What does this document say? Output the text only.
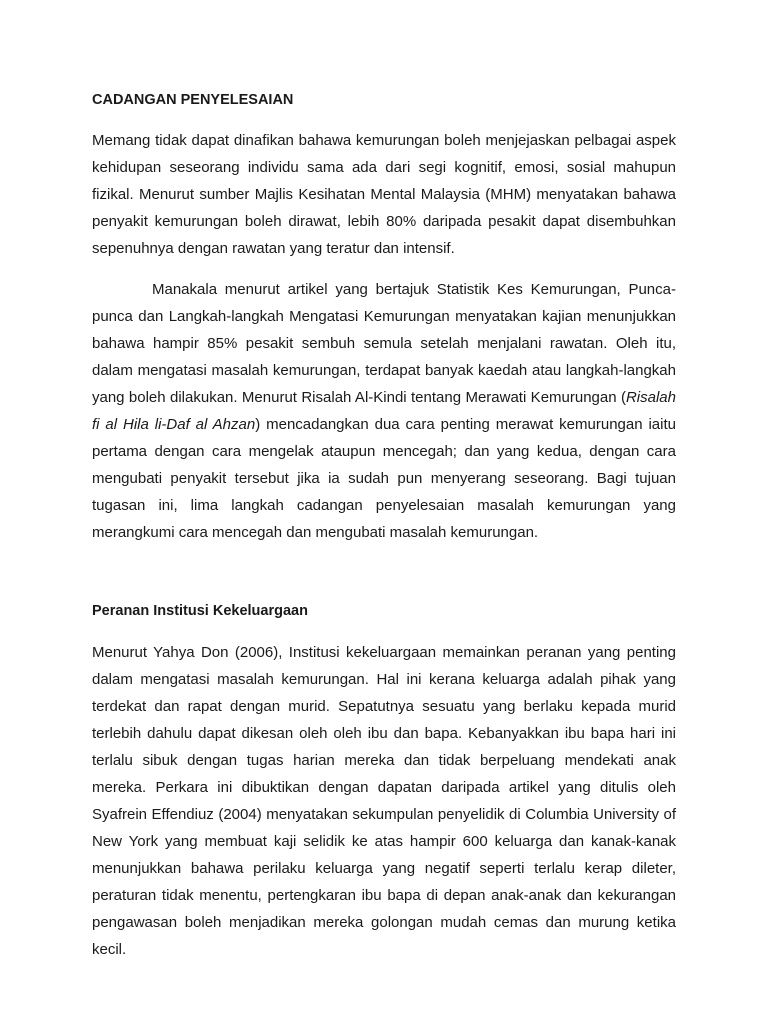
CADANGAN PENYELESAIAN

Memang tidak dapat dinafikan bahawa kemurungan boleh menjejaskan pelbagai aspek kehidupan seseorang individu sama ada dari segi kognitif, emosi, sosial mahupun fizikal. Menurut sumber Majlis Kesihatan Mental Malaysia (MHM) menyatakan bahawa penyakit kemurungan boleh dirawat, lebih 80% daripada pesakit dapat disembuhkan sepenuhnya dengan rawatan yang teratur dan intensif.

Manakala menurut artikel yang bertajuk Statistik Kes Kemurungan, Punca-punca dan Langkah-langkah Mengatasi Kemurungan menyatakan kajian menunjukkan bahawa hampir 85% pesakit sembuh semula setelah menjalani rawatan. Oleh itu, dalam mengatasi masalah kemurungan, terdapat banyak kaedah atau langkah-langkah yang boleh dilakukan. Menurut Risalah Al-Kindi tentang Merawati Kemurungan (Risalah fi al Hila li-Daf al Ahzan) mencadangkan dua cara penting merawat kemurungan iaitu pertama dengan cara mengelak ataupun mencegah; dan yang kedua, dengan cara mengubati penyakit tersebut jika ia sudah pun menyerang seseorang. Bagi tujuan tugasan ini, lima langkah cadangan penyelesaian masalah kemurungan yang merangkumi cara mencegah dan mengubati masalah kemurungan.

Peranan Institusi Kekeluargaan

Menurut Yahya Don (2006), Institusi kekeluargaan memainkan peranan yang penting dalam mengatasi masalah kemurungan. Hal ini kerana keluarga adalah pihak yang terdekat dan rapat dengan murid. Sepatutnya sesuatu yang berlaku kepada murid terlebih dahulu dapat dikesan oleh oleh ibu dan bapa. Kebanyakkan ibu bapa hari ini terlalu sibuk dengan tugas harian mereka dan tidak berpeluang mendekati anak mereka. Perkara ini dibuktikan dengan dapatan daripada artikel yang ditulis oleh Syafrein Effendiuz (2004) menyatakan sekumpulan penyelidik di Columbia University of New York yang membuat kaji selidik ke atas hampir 600 keluarga dan kanak-kanak menunjukkan bahawa perilaku keluarga yang negatif seperti terlalu kerap dileter, peraturan tidak menentu, pertengkaran ibu bapa di depan anak-anak dan kekurangan pengawasan boleh menjadikan mereka golongan mudah cemas dan murung ketika kecil.
